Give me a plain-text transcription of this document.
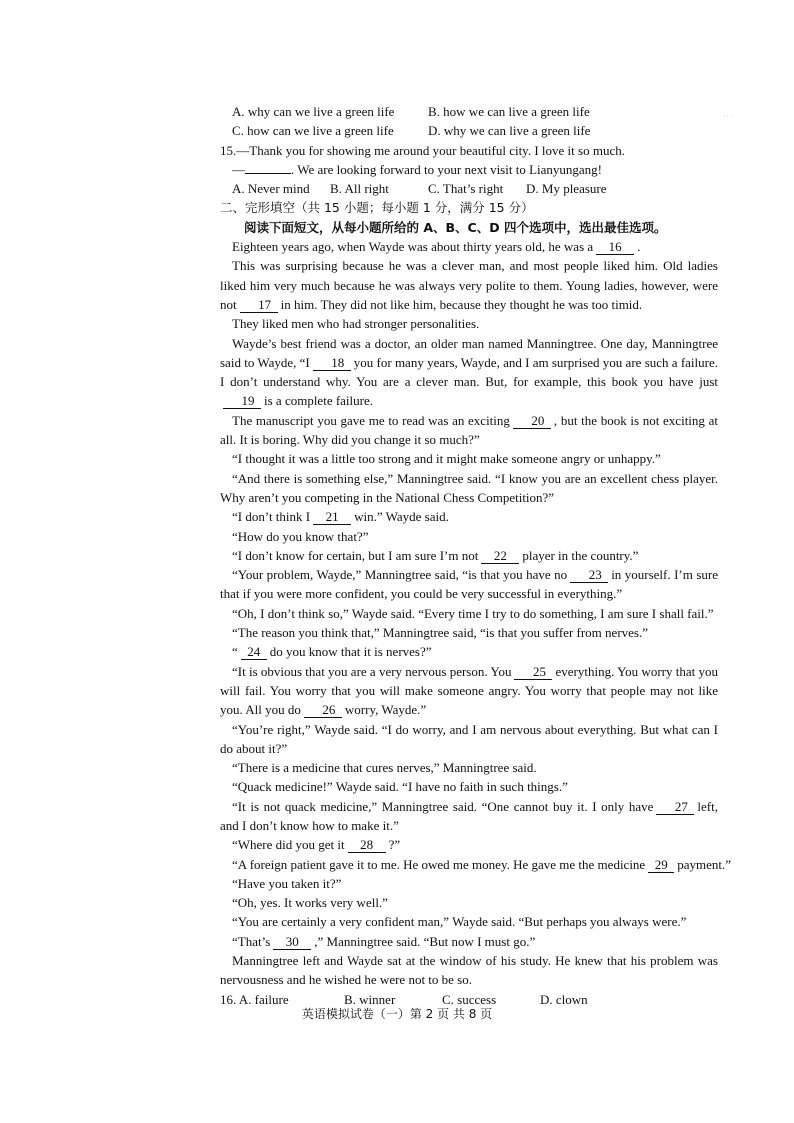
…
A. why can we live a green life	B. how we can live a green life
C. how can we live a green life	D. why we can live a green life
15.—Thank you for showing me around your beautiful city. I love it so much.
—	. We are looking forward to your next visit to Lianyungang!
A. Never mind	B. All right	C. That’s right	D. My pleasure
二、完形填空（共 15 小题；每小题 1 分，满分 15 分）
阅读下面短文，从每小题所给的 A、B、C、D 四个选项中，选出最佳选项。
Eighteen years ago, when Wayde was about thirty years old, he was a 16 .
This was surprising because he was a clever man, and most people liked him. Old ladies liked him very much because he was always very polite to them. Young ladies, however, were not 17 in him. They did not like him, because they thought he was too timid.
They liked men who had stronger personalities.
Wayde’s best friend was a doctor, an older man named Manningtree. One day, Manningtree said to Wayde, “I 18 you for many years, Wayde, and I am surprised you are such a failure. I don’t understand why. You are a clever man. But, for example, this book you have just19 is a complete failure.
The manuscript you gave me to read was an exciting 20 , but the book is not exciting at all. It is boring. Why did you change it so much?”
“I thought it was a little too strong and it might make someone angry or unhappy.”
“And there is something else,” Manningtree said. “I know you are an excellent chess player. Why aren’t you competing in the National Chess Competition?”
“I don’t think I 21 win.” Wayde said.
“How do you know that?”
“I don’t know for certain, but I am sure I’m not 22 player in the country.”
“Your problem, Wayde,” Manningtree said, “is that you have no 23 in yourself. I’m sure that if you were more confident, you could be very successful in everything.”
“Oh, I don’t think so,” Wayde said. “Every time I try to do something, I am sure I shall fail.”
“The reason you think that,” Manningtree said, “is that you suffer from nerves.”
“ 24 do you know that it is nerves?”
“It is obvious that you are a very nervous person. You 25 everything. You worry that you will fail. You worry that you will make someone angry. You worry that people may not like you. All you do 26 worry, Wayde.”
“You’re right,” Wayde said. “I do worry, and I am nervous about everything. But what can I do about it?”
“There is a medicine that cures nerves,” Manningtree said.
“Quack medicine!” Wayde said. “I have no faith in such things.”
“It is not quack medicine,” Manningtree said. “One cannot buy it. I only have 27 left, and I don’t know how to make it.”
“Where did you get it 28 ?”
“A foreign patient gave it to me. He owed me money. He gave me the medicine 29 payment.”
“Have you taken it?”
“Oh, yes. It works very well.”
“You are certainly a very confident man,” Wayde said. “But perhaps you always were.”
“That’s 30 ,” Manningtree said. “But now I must go.”
Manningtree left and Wayde sat at the window of his study. He knew that his problem was nervousness and he wished he were not to be so.
16. A. failure	B. winner	C. success	D. clown
英语模拟试卷（一）第 2 页 共 8 页
